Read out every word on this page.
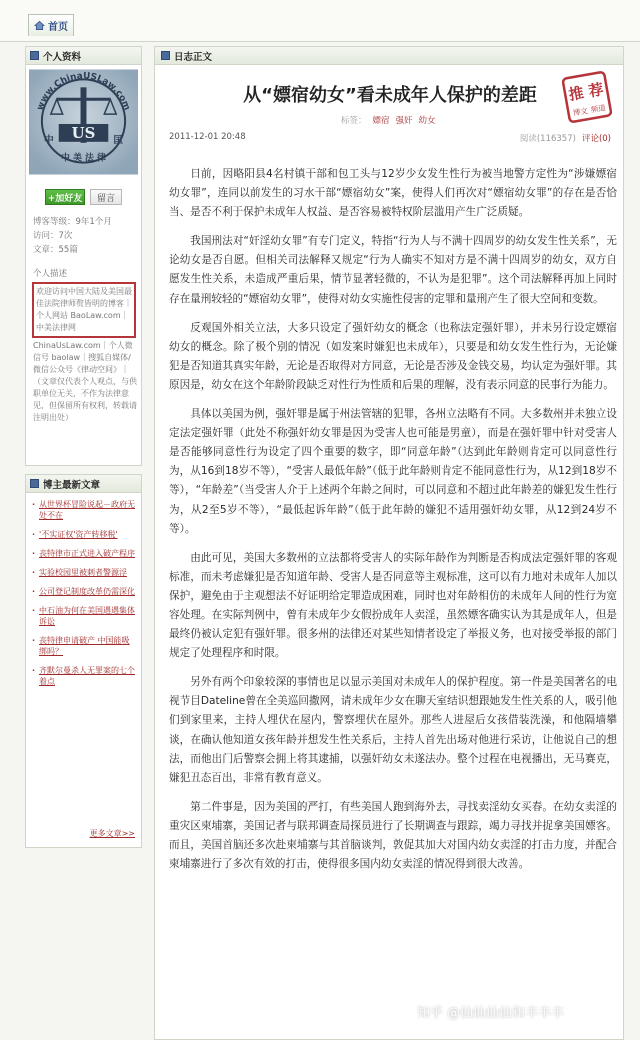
首页
个人资料
www.ChinaUSLaw.com
US
中	匡
中 美 法 律
+加好友	留言
博客等级：9年1个月
访问：7次
文章：55篇
个人描述
欢迎访问中国大陆及美国最佳法院律师赘皆明的博客｜个人网站 BaoLaw.com｜中美法律网
ChinaUsLaw.com｜个人微信号 baolaw｜搜狐自媒体/微信公众号《律动空间》｜（文章仅代表个人观点，与供职单位无关，不作为法律意见，但保留所有权利，转载请注明出处）
博主最新文章
· 从世界杯冒险说起－政府无处不在
· '不实证权'资产转移税'
· 丧特律市正式进入破产程序
· 实验校园里被刺者警源浮
· 公司登记制度改革仍需深化
· 中石油为何在美国遇遇集体诉讼
· 丧特律申请破产 中国能吸绑吗？
· 齐默尔曼杀人无罪案的七个着点
更多文章>>
日志正文
从“嫖宿幼女”看未成年人保护的差距	推 荐
博文 频道
标签： 嫖宿 强奸 幼女
2011-12-01 20:48	阅读(116357) 评论(0)

日前，因略阳县4名村镇干部和包工头与12岁少女发生性行为被当地警方定性为“涉嫌嫖宿幼女罪”，连同以前发生的习水干部“嫖宿幼女”案，使得人们再次对“嫖宿幼女罪”的存在是否恰当、是否不利于保护未成年人权益、是否容易被特权阶层滥用产生广泛质疑。

我国刑法对“奸淫幼女罪”有专门定义，特指“行为人与不满十四周岁的幼女发生性关系”，无论幼女是否自愿。但相关司法解释又规定“行为人确实不知对方是不满十四周岁的幼女，双方自愿发生性关系，未造成严重后果，情节显著轻微的，不认为是犯罪”。这个司法解释再加上同时存在量刑较轻的“嫖宿幼女罪”，使得对幼女实施性侵害的定罪和量刑产生了很大空间和变数。

反观国外相关立法，大多只设定了强奸幼女的概念（也称法定强奸罪），并未另行设定嫖宿幼女的概念。除了极个别的情况（如发案时嫌犯也未成年），只要是和幼女发生性行为，无论嫌犯是否知道其真实年龄，无论是否取得对方同意，无论是否涉及金钱交易，均认定为强奸罪。其原因是，幼女在这个年龄阶段缺乏对性行为性质和后果的理解，没有表示同意的民事行为能力。

具体以美国为例，强奸罪是属于州法管辖的犯罪，各州立法略有不同。大多数州并未独立设定法定强奸罪（此处不称强奸幼女罪是因为受害人也可能是男童），而是在强奸罪中针对受害人是否能够同意性行为设定了四个重要的数字，即“同意年龄”（达到此年龄则肯定可以同意性行为，从16到18岁不等），“受害人最低年龄”（低于此年龄则肯定不能同意性行为，从12到18岁不等），“年龄差”（当受害人介于上述两个年龄之间时，可以同意和不超过此年龄差的嫌犯发生性行为，从2至5岁不等），“最低起诉年龄”（低于此年龄的嫌犯不适用强奸幼女罪，从12到24岁不等）。

由此可见，美国大多数州的立法都将受害人的实际年龄作为判断是否构成法定强奸罪的客观标准，而未考虑嫌犯是否知道年龄、受害人是否同意等主观标准，这可以有力地对未成年人加以保护，避免由于主观想法不好证明给定罪造成困难，同时也对年龄相仿的未成年人间的性行为宽容处理。在实际判例中，曾有未成年少女假扮成年人卖淫，虽然嫖客确实认为其是成年人，但是最终仍被认定犯有强奸罪。很多州的法律还对某些知情者设定了举报义务，也对接受举报的部门规定了处理程序和时限。

另外有两个印象较深的事情也足以显示美国对未成年人的保护程度。第一件是美国著名的电视节目Dateline曾在全美巡回撒网，请未成年少女在聊天室结识想跟她发生性关系的人，吸引他们到家里来，主持人埋伏在屋内，警察埋伏在屋外。那些人进屋后女孩借装洗澡，和他隔墙攀谈，在确认他知道女孩年龄并想发生性关系后，主持人首先出场对他进行采访，让他说自己的想法，而他出门后警察会拥上将其逮捕，以强奸幼女未遂法办。整个过程在电视播出，无马赛克，嫌犯丑态百出，非常有教育意义。

第二件事是，因为美国的严打，有些美国人跑到海外去，寻找卖淫幼女买春。在幼女卖淫的重灾区柬埔寨，美国记者与联邦调查局探员进行了长期调查与跟踪，竭力寻找并捉拿美国嫖客。而且，美国首脑还多次赴柬埔寨与其首脑谈判，敦促其加大对国内幼女卖淫的打击力度，并配合柬埔寨进行了多次有效的打击，使得很多国内幼女卖淫的情况得到很大改善。

知乎 @仙仙仙仙和丰丰丰
